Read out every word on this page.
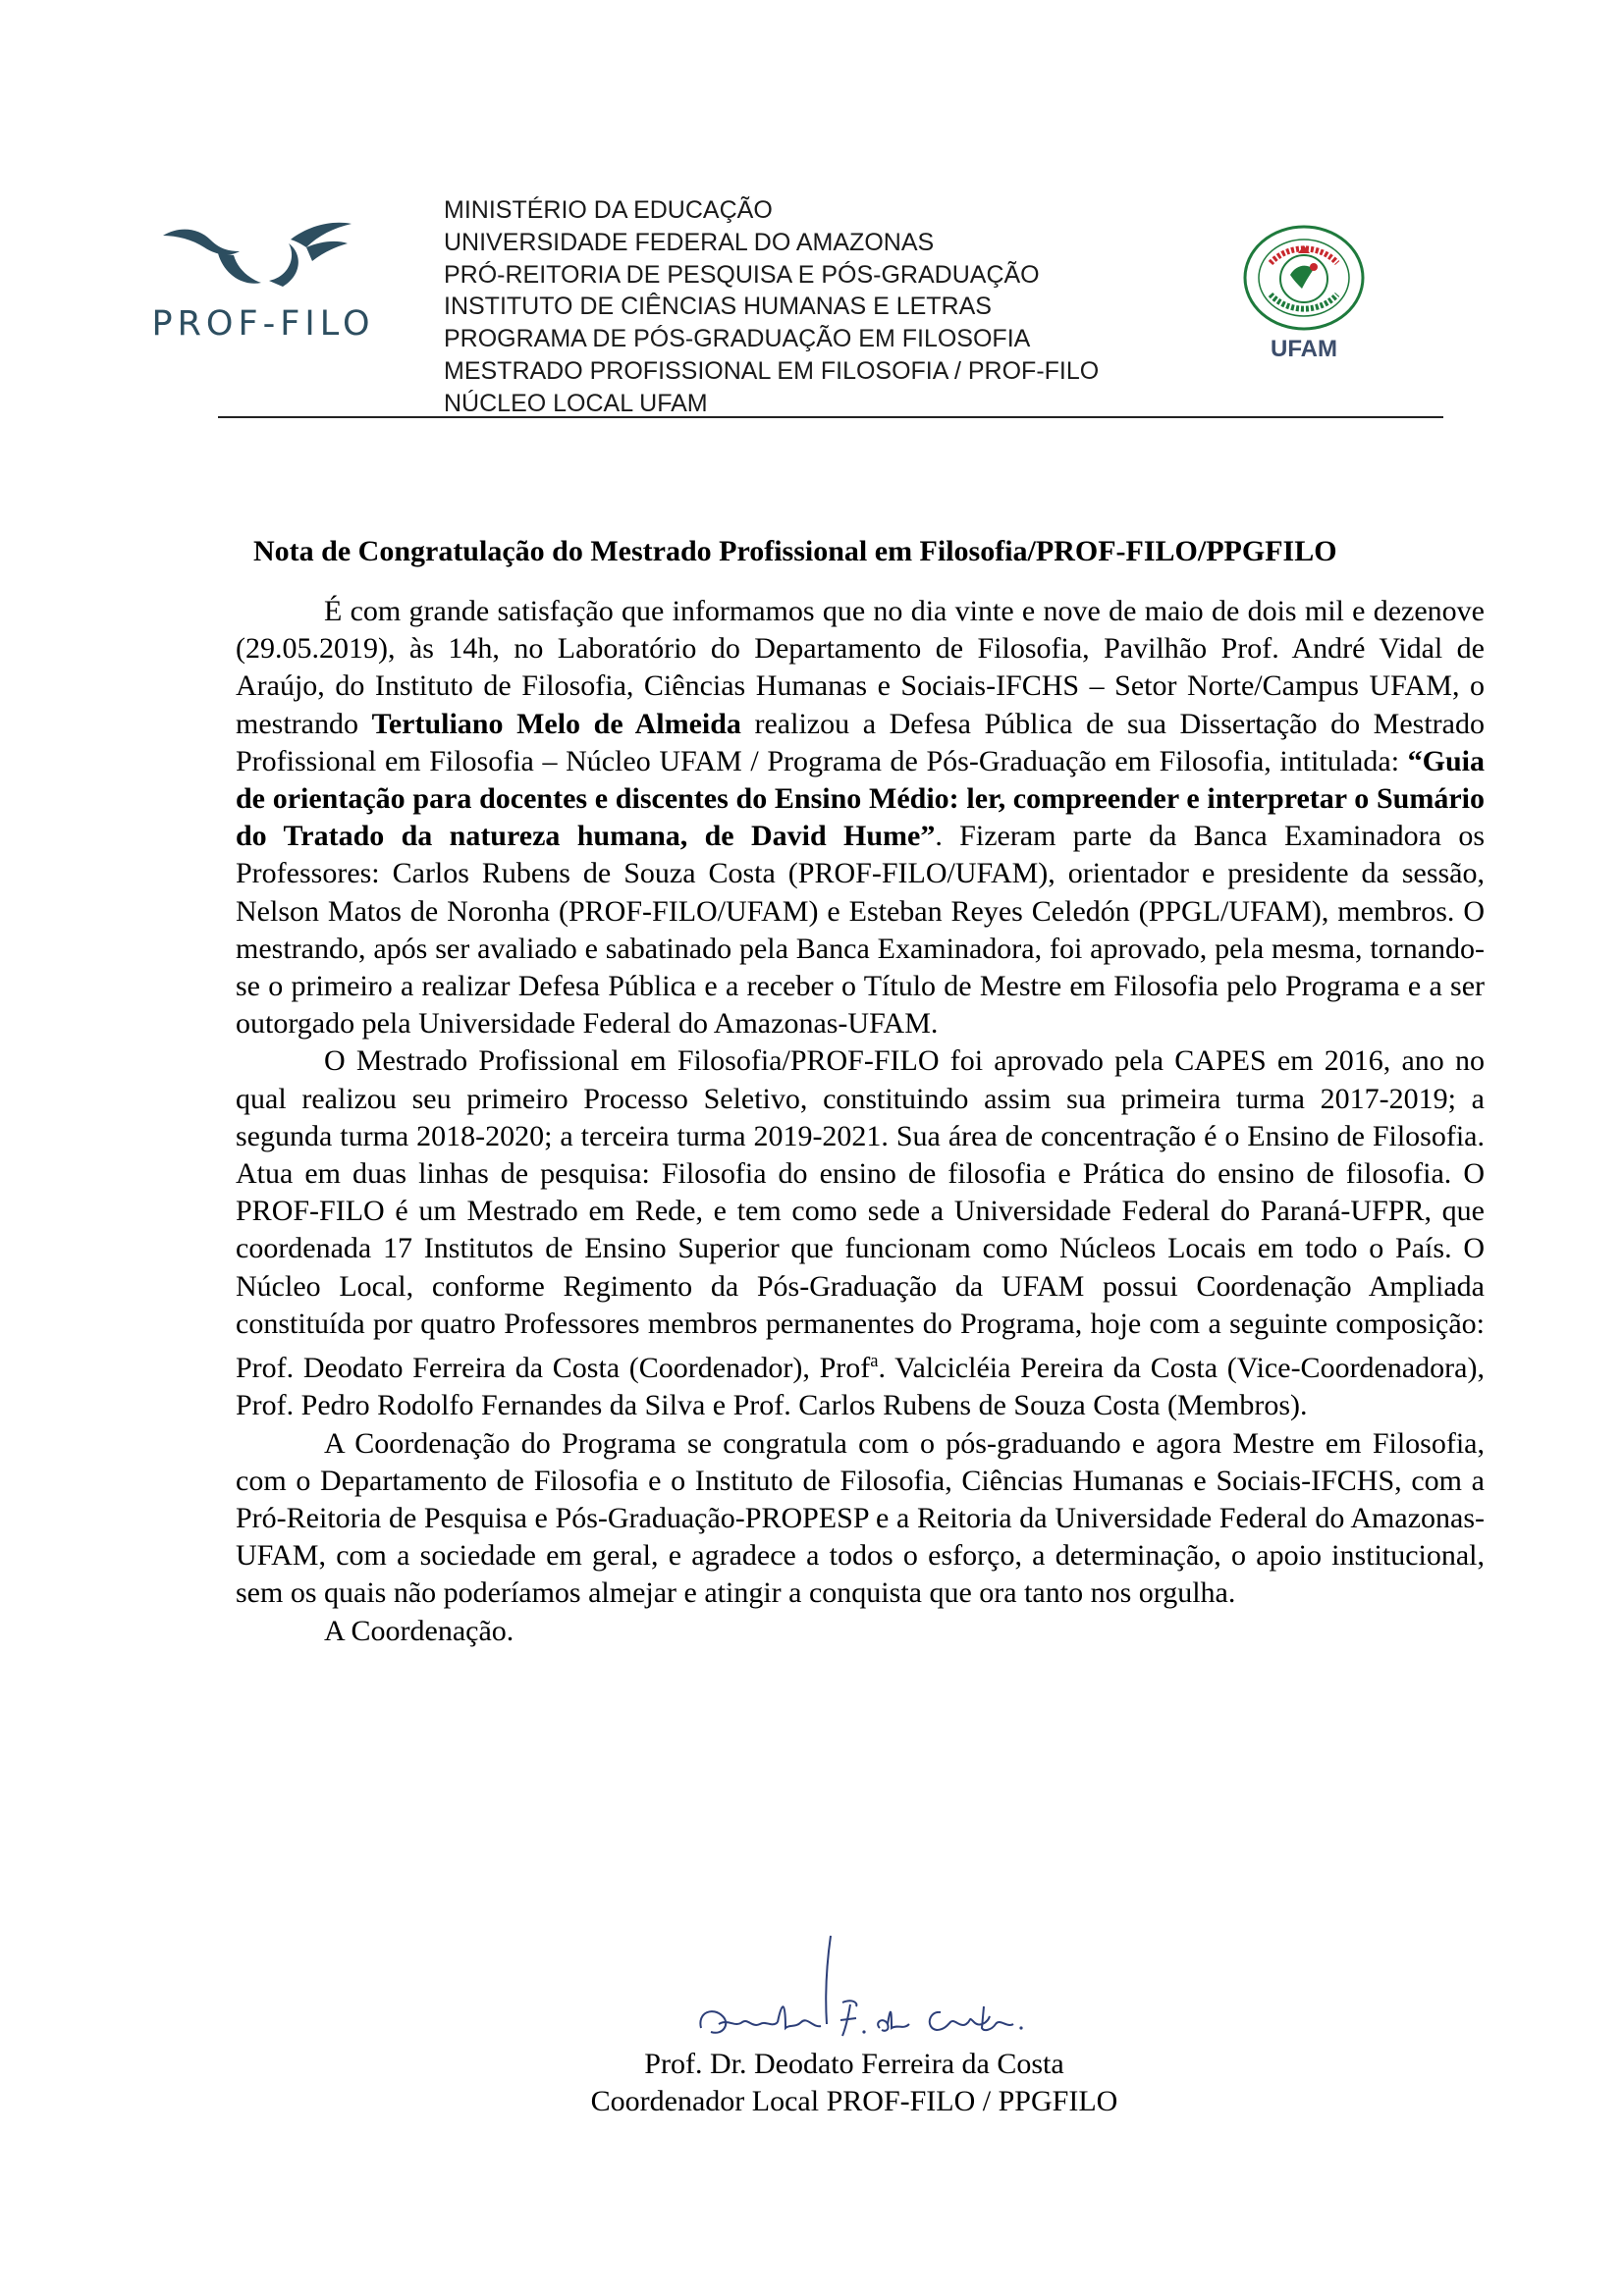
PROF-FILO
MINISTÉRIO DA EDUCAÇÃO
UNIVERSIDADE FEDERAL DO AMAZONAS
PRÓ-REITORIA DE PESQUISA E PÓS-GRADUAÇÃO
INSTITUTO DE CIÊNCIAS HUMANAS E LETRAS
PROGRAMA DE PÓS-GRADUAÇÃO EM FILOSOFIA
MESTRADO PROFISSIONAL EM FILOSOFIA / PROF-FILO
NÚCLEO LOCAL UFAM
UFAM
Nota de Congratulação do Mestrado Profissional em Filosofia/PROF-FILO/PPGFILO

É com grande satisfação que informamos que no dia vinte e nove de maio de dois mil e dezenove (29.05.2019), às 14h, no Laboratório do Departamento de Filosofia, Pavilhão Prof. André Vidal de Araújo, do Instituto de Filosofia, Ciências Humanas e Sociais-IFCHS – Setor Norte/Campus UFAM, o mestrando Tertuliano Melo de Almeida realizou a Defesa Pública de sua Dissertação do Mestrado Profissional em Filosofia – Núcleo UFAM / Programa de Pós-Graduação em Filosofia, intitulada: “Guia de orientação para docentes e discentes do Ensino Médio: ler, compreender e interpretar o Sumário do Tratado da natureza humana, de David Hume”. Fizeram parte da Banca Examinadora os Professores: Carlos Rubens de Souza Costa (PROF-FILO/UFAM), orientador e presidente da sessão, Nelson Matos de Noronha (PROF-FILO/UFAM) e Esteban Reyes Celedón (PPGL/UFAM), membros. O mestrando, após ser avaliado e sabatinado pela Banca Examinadora, foi aprovado, pela mesma, tornando-se o primeiro a realizar Defesa Pública e a receber o Título de Mestre em Filosofia pelo Programa e a ser outorgado pela Universidade Federal do Amazonas-UFAM.

O Mestrado Profissional em Filosofia/PROF-FILO foi aprovado pela CAPES em 2016, ano no qual realizou seu primeiro Processo Seletivo, constituindo assim sua primeira turma 2017-2019; a segunda turma 2018-2020; a terceira turma 2019-2021. Sua área de concentração é o Ensino de Filosofia. Atua em duas linhas de pesquisa: Filosofia do ensino de filosofia e Prática do ensino de filosofia. O PROF-FILO é um Mestrado em Rede, e tem como sede a Universidade Federal do Paraná-UFPR, que coordenada 17 Institutos de Ensino Superior que funcionam como Núcleos Locais em todo o País. O Núcleo Local, conforme Regimento da Pós-Graduação da UFAM possui Coordenação Ampliada constituída por quatro Professores membros permanentes do Programa, hoje com a seguinte composição: Prof. Deodato Ferreira da Costa (Coordenador), Prof$^a$. Valcicléia Pereira da Costa (Vice-Coordenadora), Prof. Pedro Rodolfo Fernandes da Silva e Prof. Carlos Rubens de Souza Costa (Membros).

A Coordenação do Programa se congratula com o pós-graduando e agora Mestre em Filosofia, com o Departamento de Filosofia e o Instituto de Filosofia, Ciências Humanas e Sociais-IFCHS, com a Pró-Reitoria de Pesquisa e Pós-Graduação-PROPESP e a Reitoria da Universidade Federal do Amazonas-UFAM, com a sociedade em geral, e agradece a todos o esforço, a determinação, o apoio institucional, sem os quais não poderíamos almejar e atingir a conquista que ora tanto nos orgulha.

A Coordenação.

Prof. Dr. Deodato Ferreira da Costa
Coordenador Local PROF-FILO / PPGFILO
